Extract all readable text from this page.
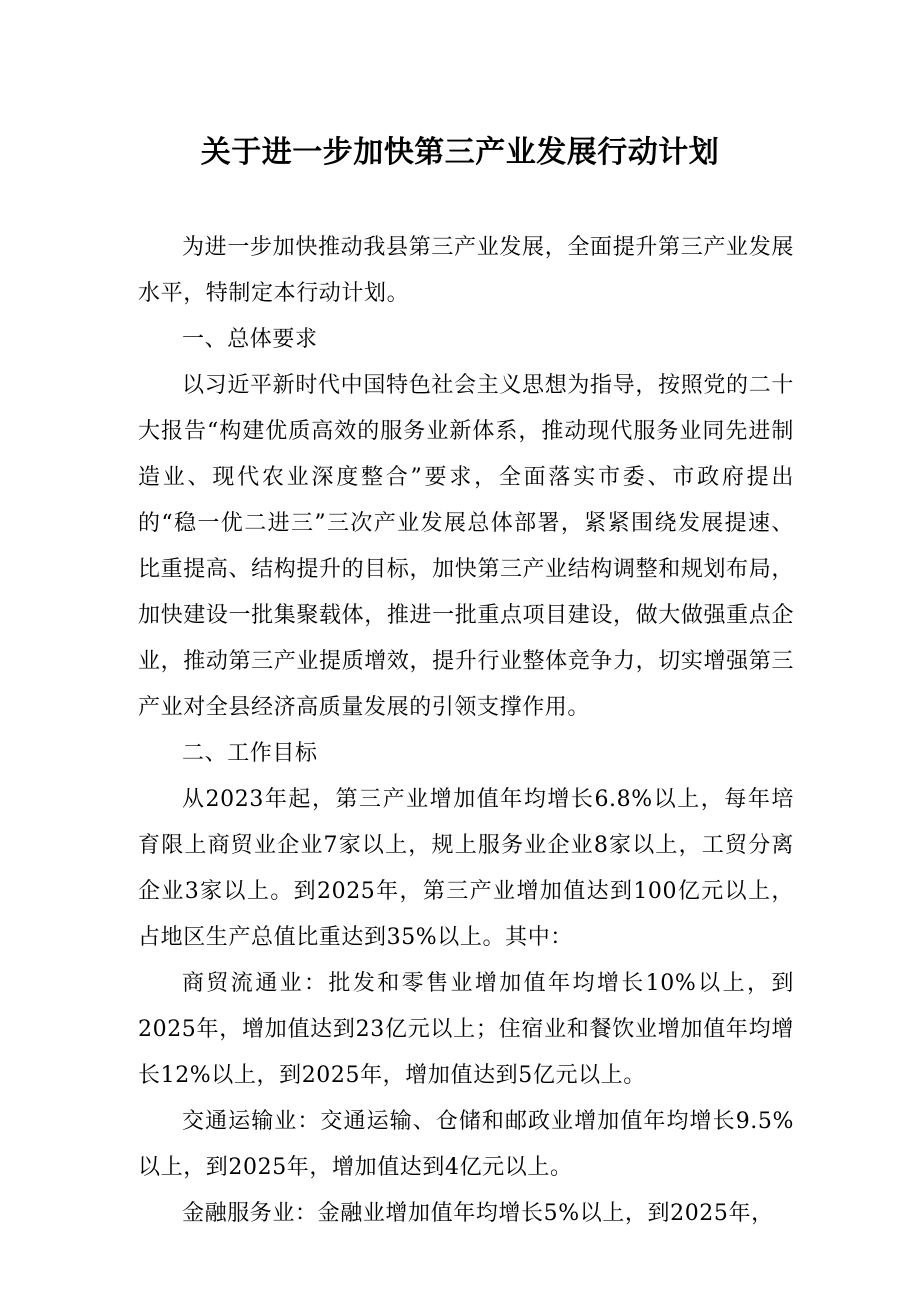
关于进一步加快第三产业发展行动计划

为进一步加快推动我县第三产业发展，全面提升第三产业发展水平，特制定本行动计划。

一、总体要求

以习近平新时代中国特色社会主义思想为指导，按照党的二十大报告“构建优质高效的服务业新体系，推动现代服务业同先进制造业、现代农业深度整合”要求，全面落实市委、市政府提出的“稳一优二进三”三次产业发展总体部署，紧紧围绕发展提速、比重提高、结构提升的目标，加快第三产业结构调整和规划布局，加快建设一批集聚载体，推进一批重点项目建设，做大做强重点企业，推动第三产业提质增效，提升行业整体竞争力，切实增强第三产业对全县经济高质量发展的引领支撑作用。

二、工作目标

从2023年起，第三产业增加值年均增长6.8%以上，每年培育限上商贸业企业7家以上，规上服务业企业8家以上，工贸分离企业3家以上。到2025年，第三产业增加值达到100亿元以上，占地区生产总值比重达到35%以上。其中：

商贸流通业：批发和零售业增加值年均增长10%以上，到2025年，增加值达到23亿元以上；住宿业和餐饮业增加值年均增长12%以上，到2025年，增加值达到5亿元以上。

交通运输业：交通运输、仓储和邮政业增加值年均增长9.5%以上，到2025年，增加值达到4亿元以上。

金融服务业：金融业增加值年均增长5%以上，到2025年，
